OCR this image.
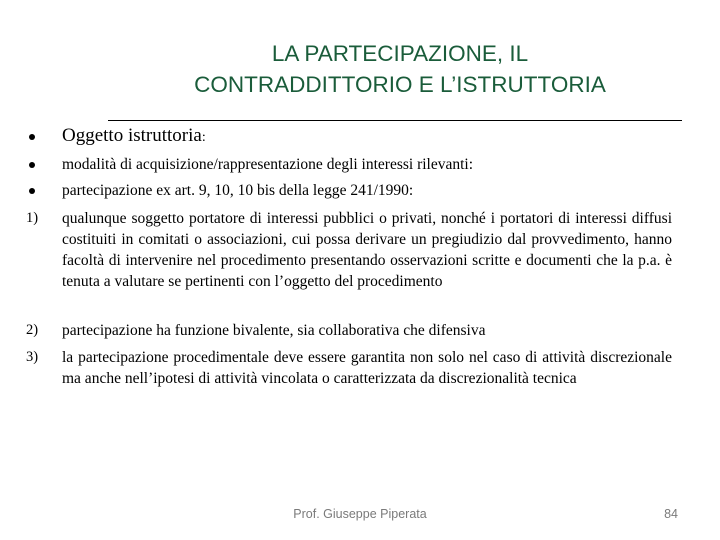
LA PARTECIPAZIONE, IL
CONTRADDITTORIO E L’ISTRUTTORIA
Oggetto istruttoria:
modalità di acquisizione/rappresentazione degli interessi rilevanti:
partecipazione ex art. 9, 10, 10 bis della legge 241/1990:
1)	qualunque soggetto portatore di interessi pubblici o privati, nonché i portatori di interessi diffusi costituiti in comitati o associazioni, cui possa derivare un pregiudizio dal provvedimento, hanno facoltà di intervenire nel procedimento presentando osservazioni scritte e documenti che la p.a. è tenuta a valutare se pertinenti con l’oggetto del procedimento
2)	partecipazione ha funzione bivalente, sia collaborativa che difensiva
3)	la partecipazione procedimentale deve essere garantita non solo nel caso di attività discrezionale ma anche nell’ipotesi di attività vincolata o caratterizzata da discrezionalità tecnica
Prof. Giuseppe Piperata	84
